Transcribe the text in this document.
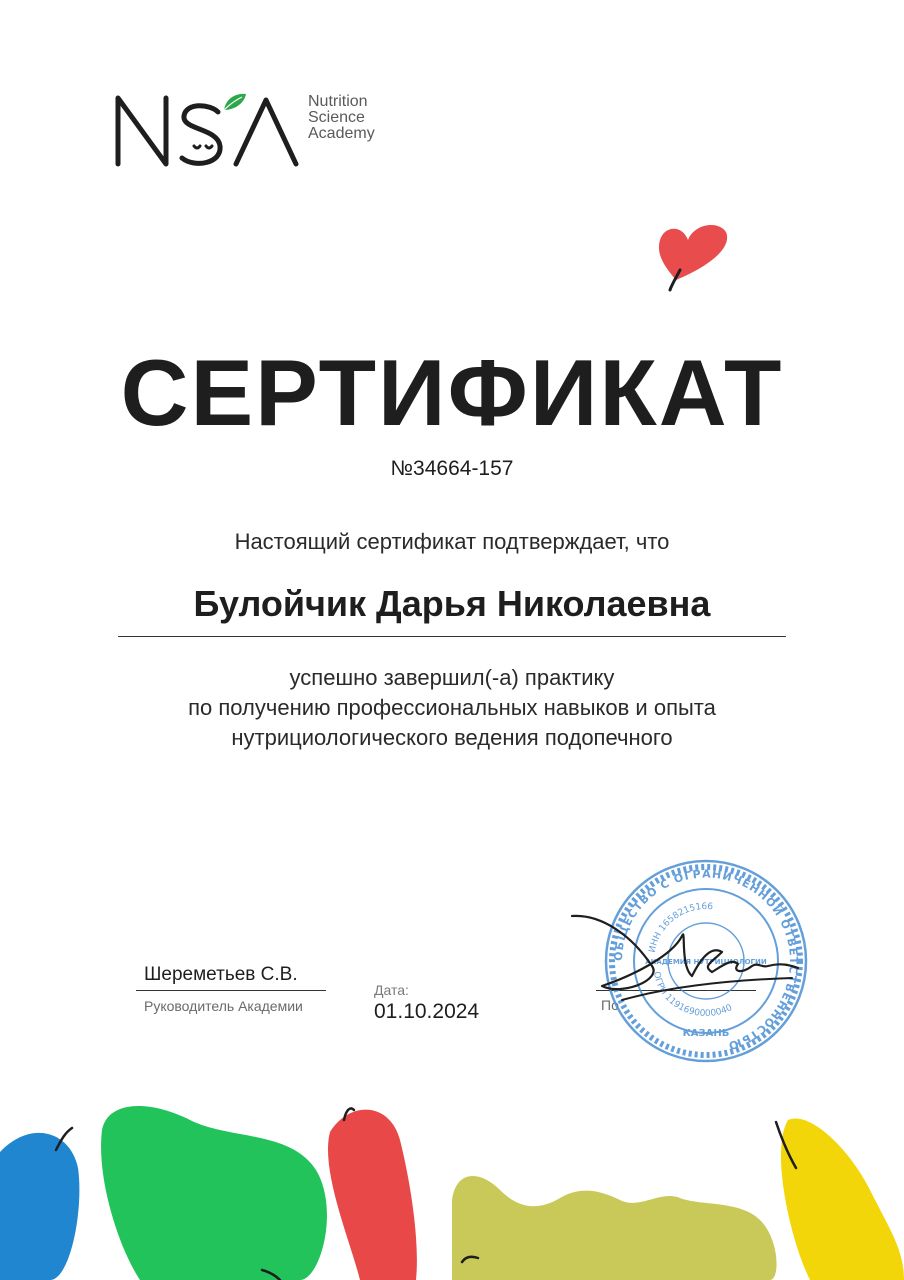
Nutrition
Science
Academy
СЕРТИФИКАТ
№34664-157
Настоящий сертификат подтверждает, что
Булойчик Дарья Николаевна
успешно завершил(-а) практику
по получению профессиональных навыков и опыта
нутрициологического ведения подопечного
Шереметьев С.В.
Руководитель Академии
Дата:
01.10.2024	По
ОБЩЕСТВО С ОГРАНИЧЕННОЙ ОТВЕТСТВЕННОСТЬЮ
ИНН 1658215166
ОГРН 1191690000040
КАЗАНЬ
АКАДЕМИЯ НУТРИЦИОЛОГИИ
